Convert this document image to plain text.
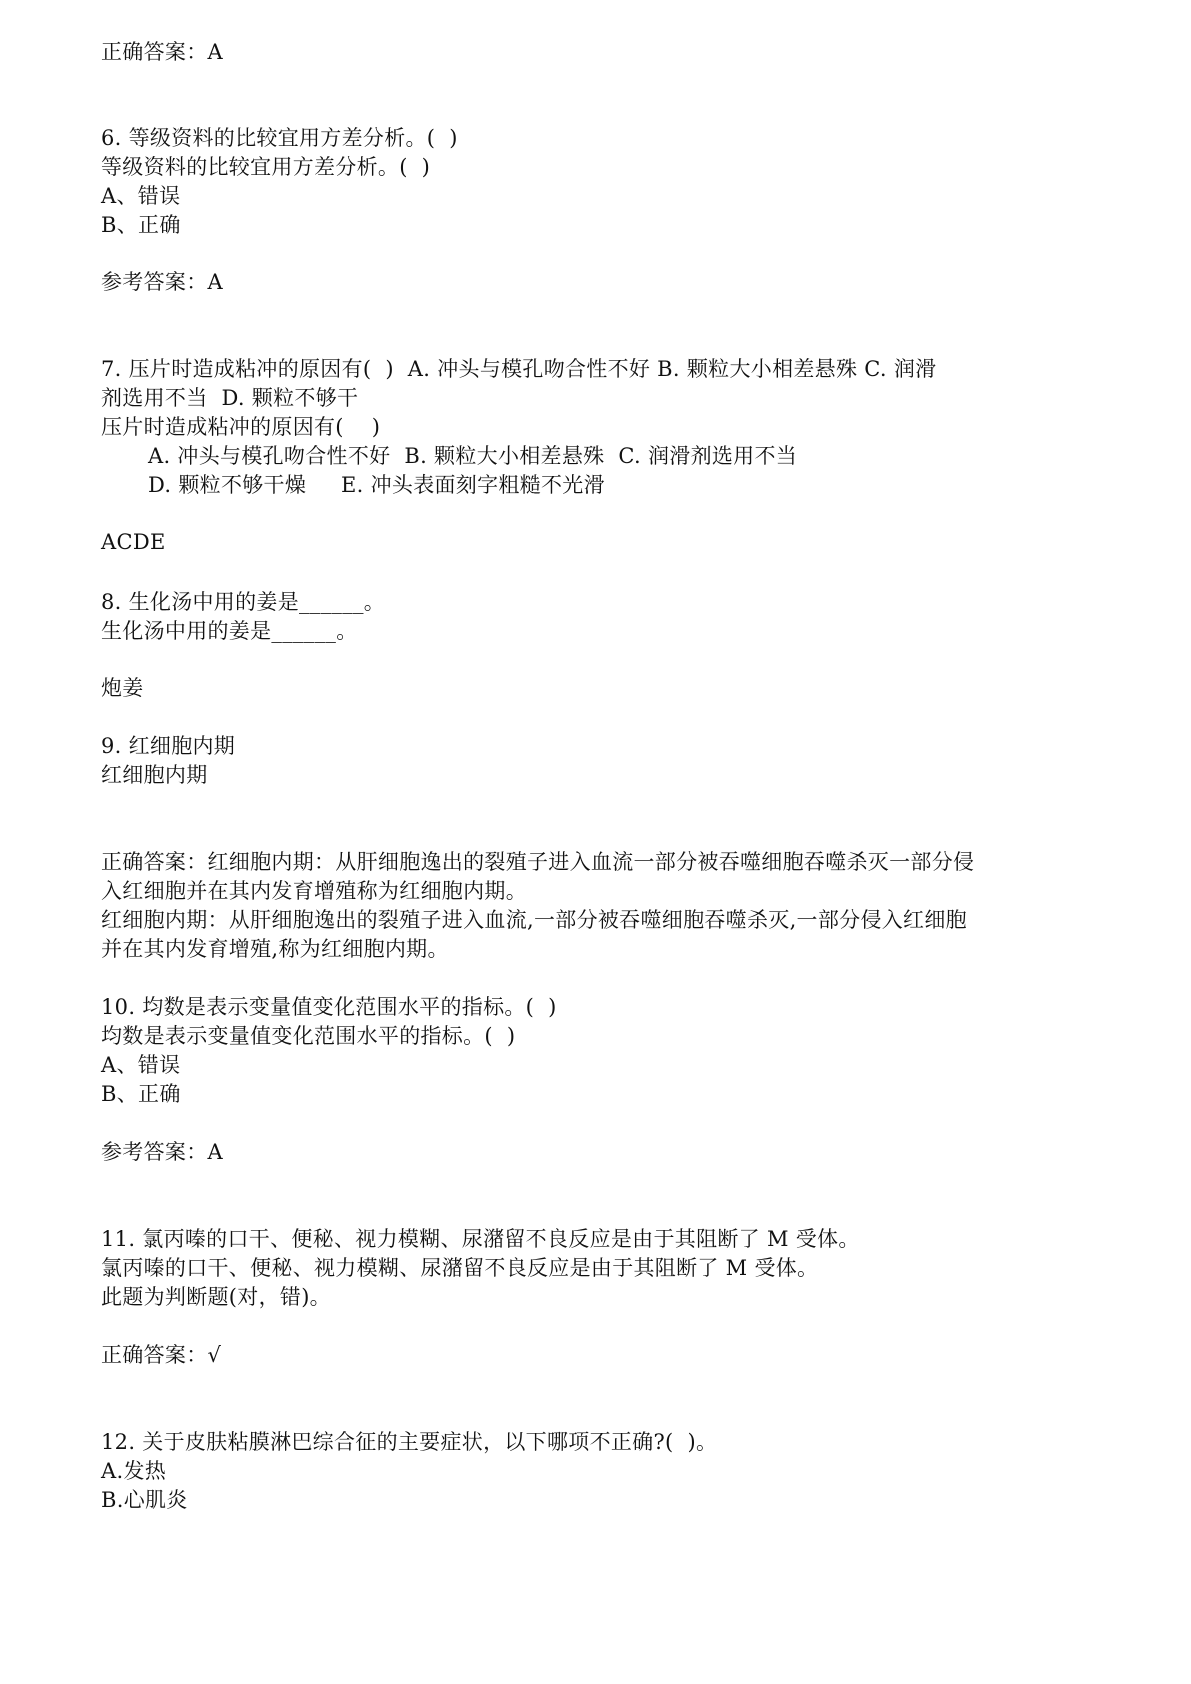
正确答案：A
6. 等级资料的比较宜用方差分析。(  )
等级资料的比较宜用方差分析。(  )
A、错误
B、正确
参考答案：A
7. 压片时造成粘冲的原因有(  )  A. 冲头与模孔吻合性不好 B. 颗粒大小相差悬殊 C. 润滑
剂选用不当  D. 颗粒不够干
压片时造成粘冲的原因有(    )
A. 冲头与模孔吻合性不好  B. 颗粒大小相差悬殊  C. 润滑剂选用不当
D. 颗粒不够干燥     E. 冲头表面刻字粗糙不光滑
ACDE
8. 生化汤中用的姜是______。
生化汤中用的姜是______。
炮姜
9. 红细胞内期
红细胞内期
正确答案：红细胞内期：从肝细胞逸出的裂殖子进入血流一部分被吞噬细胞吞噬杀灭一部分侵
入红细胞并在其内发育增殖称为红细胞内期。
红细胞内期：从肝细胞逸出的裂殖子进入血流,一部分被吞噬细胞吞噬杀灭,一部分侵入红细胞
并在其内发育增殖,称为红细胞内期。
10. 均数是表示变量值变化范围水平的指标。(  )
均数是表示变量值变化范围水平的指标。(  )
A、错误
B、正确
参考答案：A
11. 氯丙嗪的口干、便秘、视力模糊、尿潴留不良反应是由于其阻断了 M 受体。
氯丙嗪的口干、便秘、视力模糊、尿潴留不良反应是由于其阻断了 M 受体。
此题为判断题(对，错)。
正确答案：√
12. 关于皮肤粘膜淋巴综合征的主要症状，以下哪项不正确?(  )。
A.发热
B.心肌炎
